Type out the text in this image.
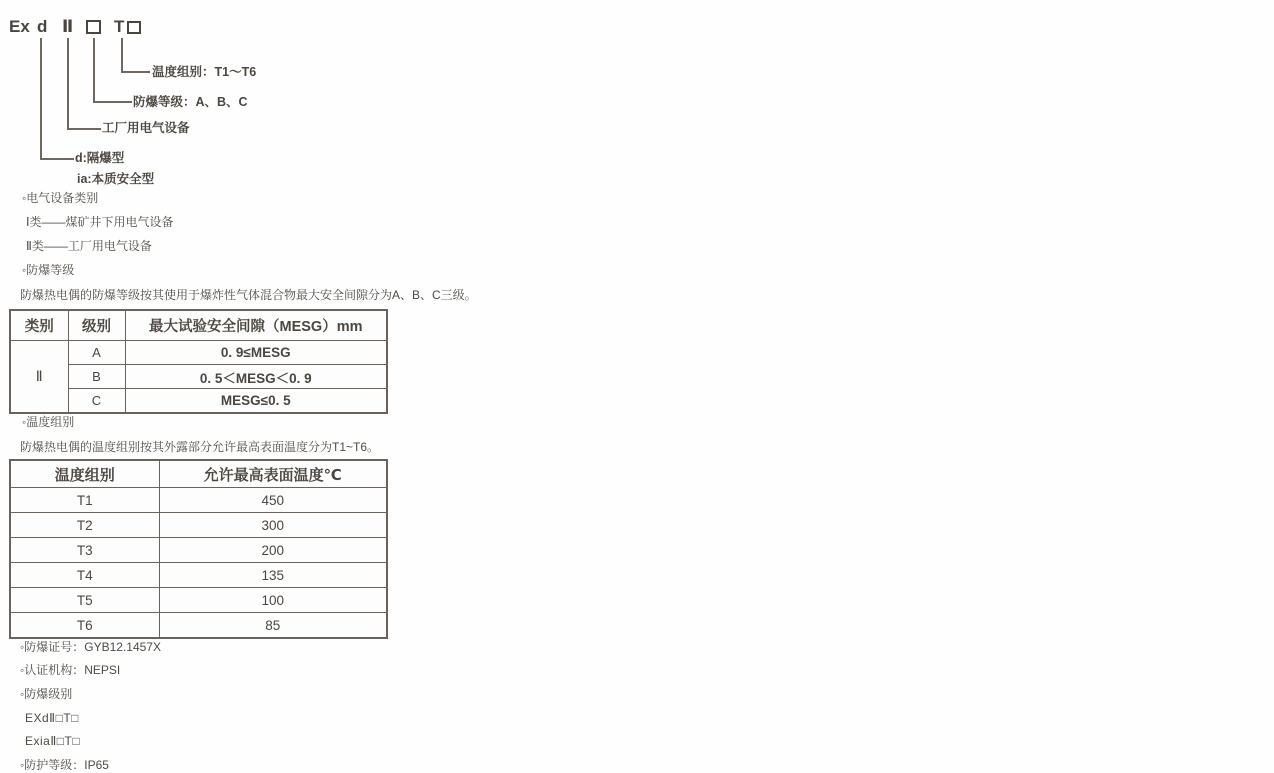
Ex d Ⅱ T
温度组别：T1～T6
防爆等级：A、B、C
工厂用电气设备
d:隔爆型
ia:本质安全型
◦电气设备类别
Ⅰ类——煤矿井下用电气设备
Ⅱ类——工厂用电气设备
◦防爆等级
防爆热电偶的防爆等级按其使用于爆炸性气体混合物最大安全间隙分为A、B、C三级。
类别	级别	最大试验安全间隙（MESG）mm
Ⅱ	A	0. 9≤MESG
	B	0. 5＜MESG＜0. 9
	C	MESG≤0. 5
◦温度组别
防爆热电偶的温度组别按其外露部分允许最高表面温度分为T1~T6。
温度组别	允许最高表面温度℃
T1	450
T2	300
T3	200
T4	135
T5	100
T6	85
◦防爆证号：GYB12.1457X
◦认证机构：NEPSI
◦防爆级别
EXdⅡ□T□
ExiaⅡ□T□
◦防护等级：IP65
